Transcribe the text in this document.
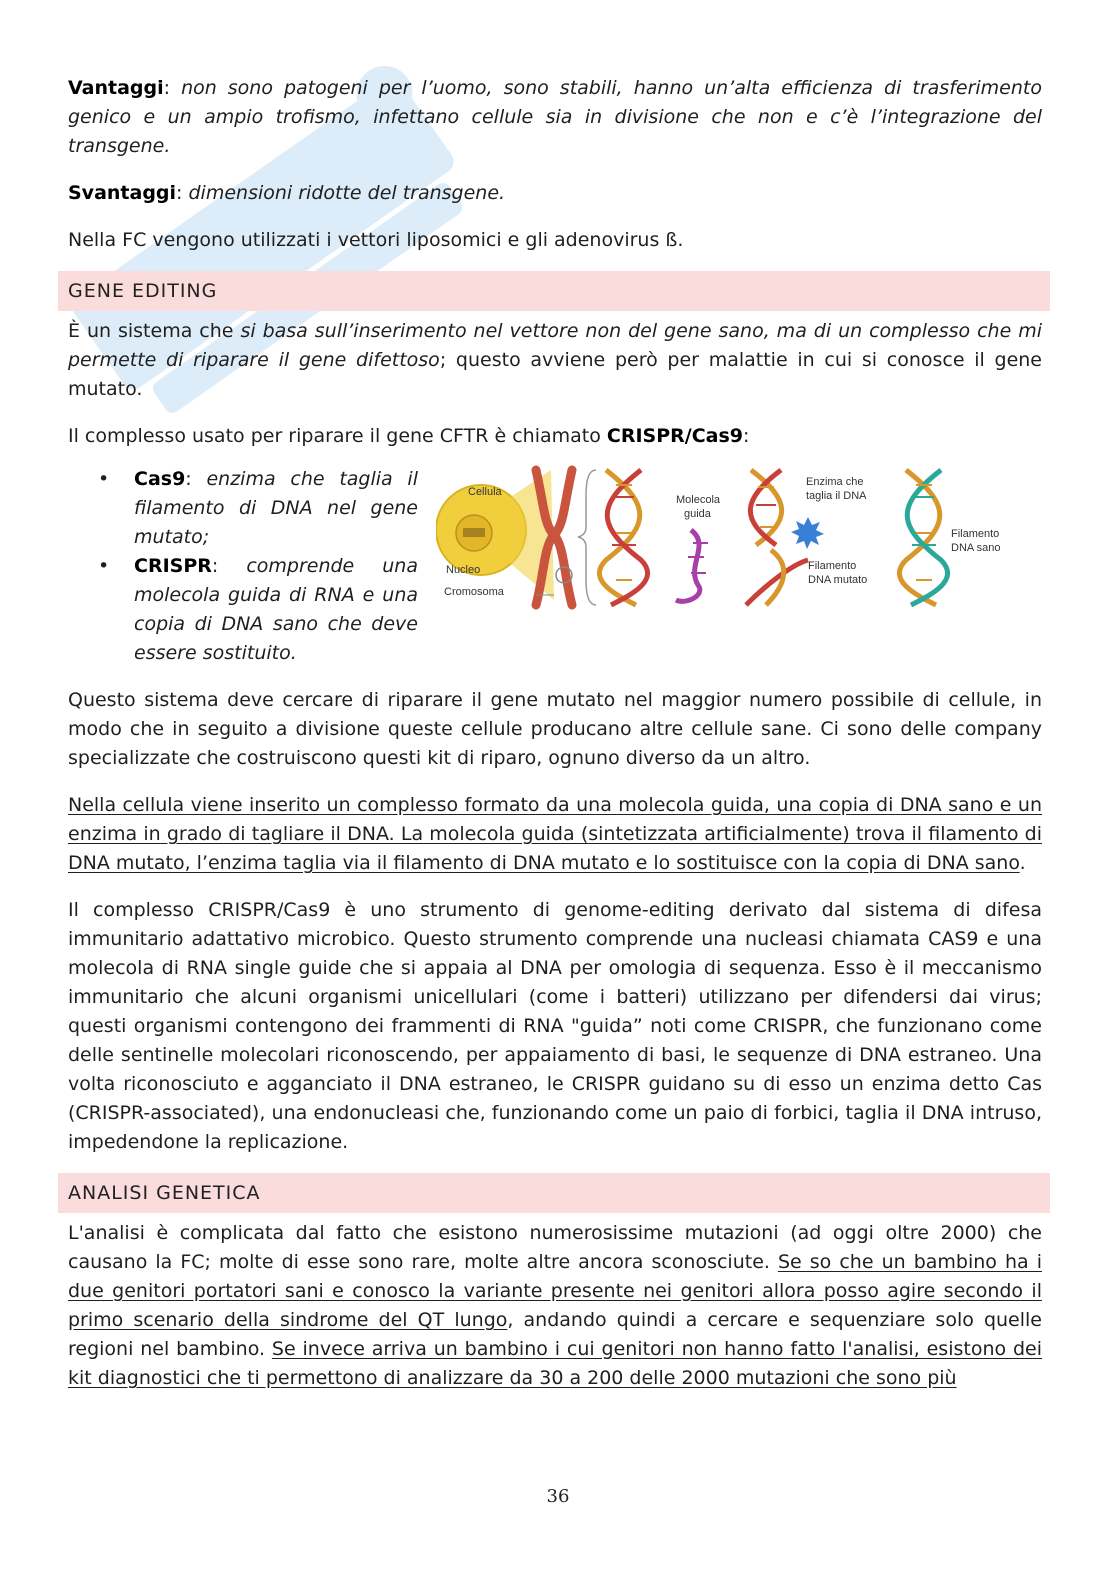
Vantaggi: non sono patogeni per l’uomo, sono stabili, hanno un’alta efficienza di trasferimento genico e un ampio trofismo, infettano cellule sia in divisione che non e c’è l’integrazione del transgene.

Svantaggi: dimensioni ridotte del transgene.

Nella FC vengono utilizzati i vettori liposomici e gli adenovirus ß.

GENE EDITING

È un sistema che si basa sull’inserimento nel vettore non del gene sano, ma di un complesso che mi permette di riparare il gene difettoso; questo avviene però per malattie in cui si conosce il gene mutato.

Il complesso usato per riparare il gene CFTR è chiamato CRISPR/Cas9:

• Cas9: enzima che taglia il filamento di DNA nel gene mutato;
• CRISPR: comprende una molecola guida di RNA e una copia di DNA sano che deve essere sostituito.
Cellula
Nucleo
Cromosoma
Molecola
guida
Enzima che
taglia il DNA
Filamento
DNA mutato
Filamento
DNA sano

Questo sistema deve cercare di riparare il gene mutato nel maggior numero possibile di cellule, in modo che in seguito a divisione queste cellule producano altre cellule sane. Ci sono delle company specializzate che costruiscono questi kit di riparo, ognuno diverso da un altro.

Nella cellula viene inserito un complesso formato da una molecola guida, una copia di DNA sano e un enzima in grado di tagliare il DNA. La molecola guida (sintetizzata artificialmente) trova il filamento di DNA mutato, l’enzima taglia via il filamento di DNA mutato e lo sostituisce con la copia di DNA sano.

Il complesso CRISPR/Cas9 è uno strumento di genome-editing derivato dal sistema di difesa immunitario adattativo microbico. Questo strumento comprende una nucleasi chiamata CAS9 e una molecola di RNA single guide che si appaia al DNA per omologia di sequenza. Esso è il meccanismo immunitario che alcuni organismi unicellulari (come i batteri) utilizzano per difendersi dai virus; questi organismi contengono dei frammenti di RNA "guida” noti come CRISPR, che funzionano come delle sentinelle molecolari riconoscendo, per appaiamento di basi, le sequenze di DNA estraneo. Una volta riconosciuto e agganciato il DNA estraneo, le CRISPR guidano su di esso un enzima detto Cas (CRISPR-associated), una endonucleasi che, funzionando come un paio di forbici, taglia il DNA intruso, impedendone la replicazione.

ANALISI GENETICA

L'analisi è complicata dal fatto che esistono numerosissime mutazioni (ad oggi oltre 2000) che causano la FC; molte di esse sono rare, molte altre ancora sconosciute. Se so che un bambino ha i due genitori portatori sani e conosco la variante presente nei genitori allora posso agire secondo il primo scenario della sindrome del QT lungo, andando quindi a cercare e sequenziare solo quelle regioni nel bambino. Se invece arriva un bambino i cui genitori non hanno fatto l'analisi, esistono dei kit diagnostici che ti permettono di analizzare da 30 a 200 delle 2000 mutazioni che sono più

36
